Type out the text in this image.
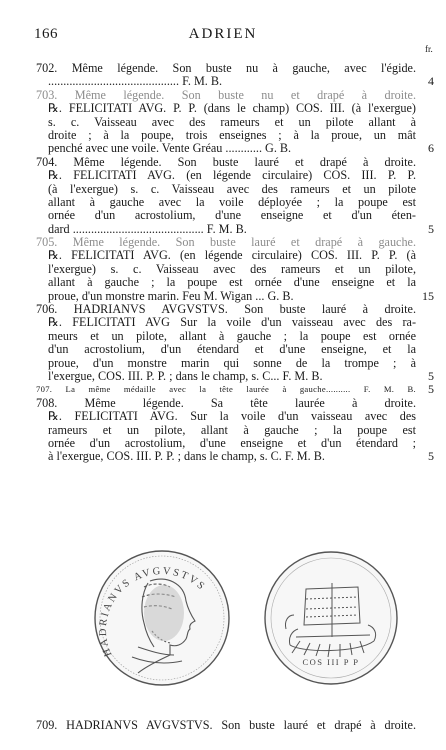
166	ADRIEN
fr.
702. Même légende. Son buste nu à gauche, avec l'égide.
........................................... F. M. B.	4
703. Même légende. Son buste nu et drapé à droite.
℞. FELICITATI AVG. P. P. (dans le champ) COS. III. (à l'exergue)
s. c. Vaisseau avec des rameurs et un pilote allant à
droite ; à la poupe, trois enseignes ; à la proue, un mât
penché avec une voile. Vente Gréau ............ G. B.	6
704. Même légende. Son buste lauré et drapé à droite.
℞. FELICITATI AVG. (en légende circulaire) COS. III. P. P.
(à l'exergue) s. c. Vaisseau avec des rameurs et un pilote
allant à gauche avec la voile déployée ; la poupe est
ornée d'un acrostolium, d'une enseigne et d'un éten-
dard ........................................... F. M. B.	5
705. Même légende. Son buste lauré et drapé à gauche.
℞. FELICITATI AVG. (en légende circulaire) COS. III. P. P. (à
l'exergue) s. c. Vaisseau avec des rameurs et un pilote,
allant à gauche ; la poupe est ornée d'une enseigne et la
proue, d'un monstre marin. Feu M. Wigan ... G. B.	15
706. HADRIANVS AVGVSTVS. Son buste lauré à droite.
℞. FELICITATI AVG Sur la voile d'un vaisseau avec des ra-
meurs et un pilote, allant à gauche ; la poupe est ornée
d'un acrostolium, d'un étendard et d'une enseigne, et la
proue, d'un monstre marin qui sonne de la trompe ; à
l'exergue, COS. III. P. P. ; dans le champ, s. C... F. M. B.	5
707. La même médaille avec la tête laurée à gauche.......... F. M. B. 5
708. Même légende. Sa tête laurée à droite.
℞. FELICITATI AVG. Sur la voile d'un vaisseau avec des
rameurs et un pilote, allant à gauche ; la poupe est
ornée d'un acrostolium, d'une enseigne et d'un étendard ;
à l'exergue, COS. III. P. P. ; dans le champ, s. C. F. M. B.	5
HADRIANVS AVGVSTVS
COS III P P
709. HADRIANVS AVGVSTVS. Son buste lauré et drapé à droite.
